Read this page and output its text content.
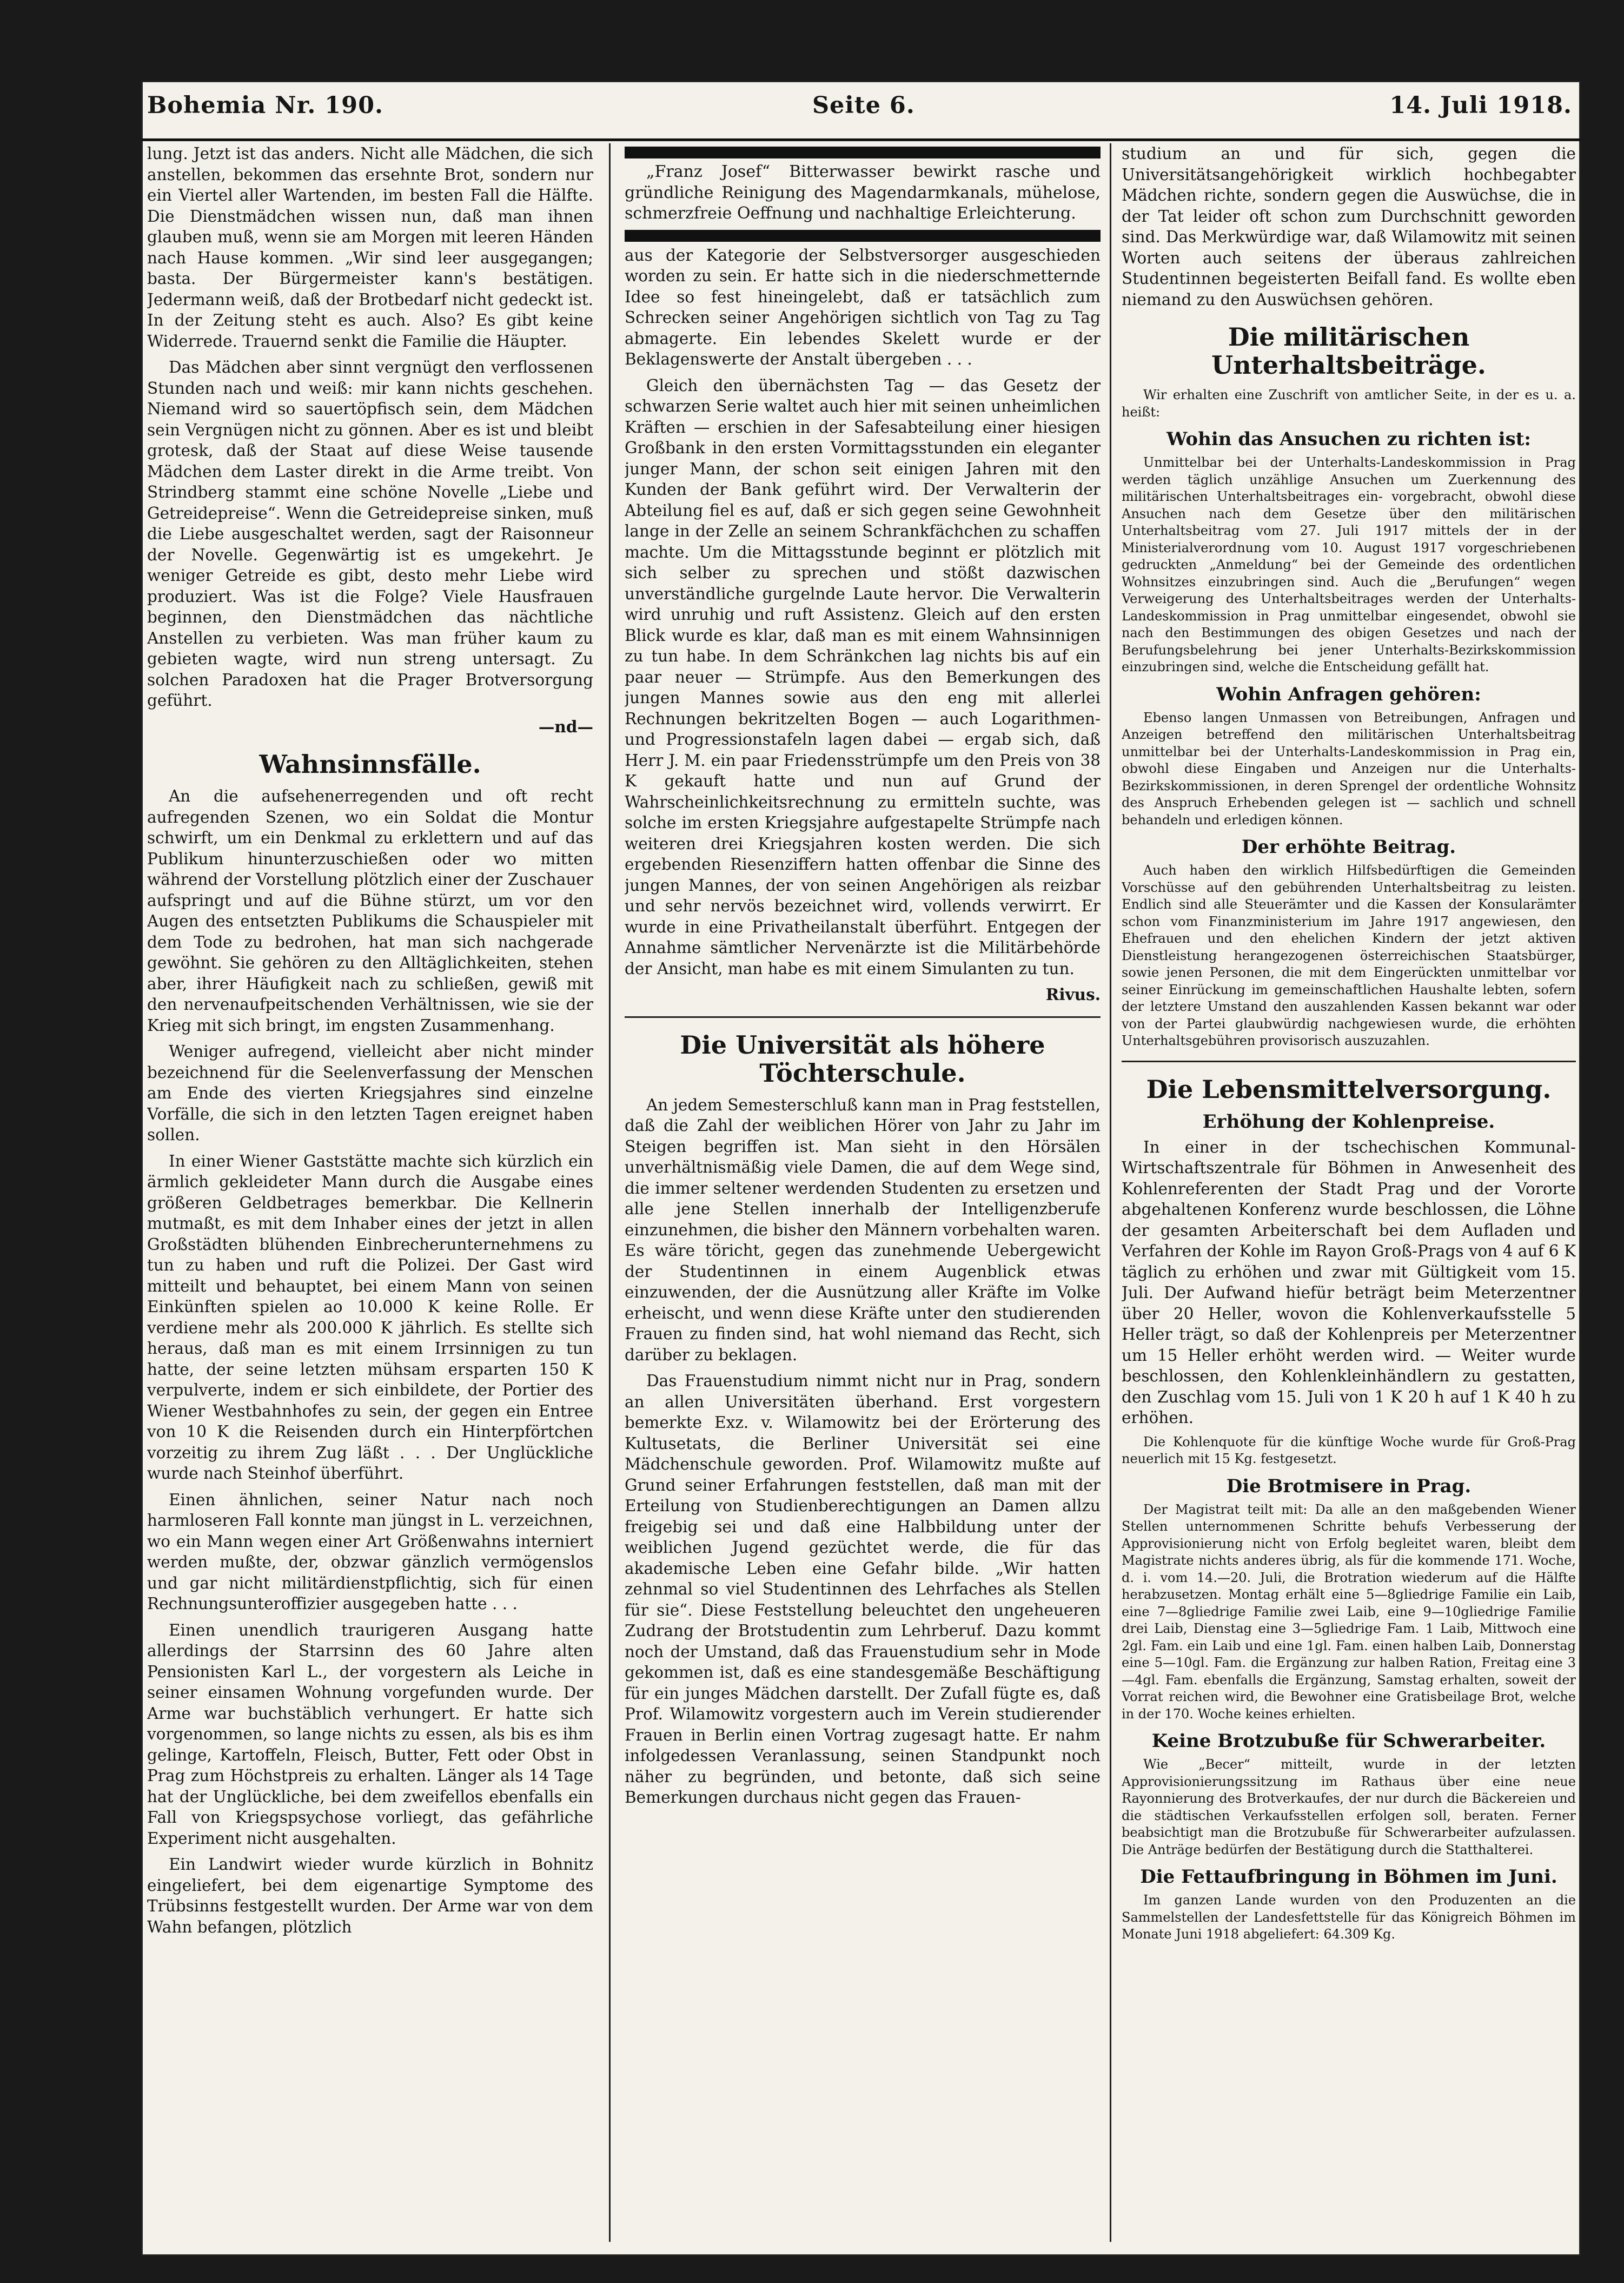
Bohemia Nr. 190.	Seite 6.	14. Juli 1918.

lung. Jetzt ist das anders. Nicht alle Mädchen, die sich anstellen, bekommen das ersehnte Brot, sondern nur ein Viertel aller Wartenden, im besten Fall die Hälfte. Die Dienstmädchen wissen nun, daß man ihnen glauben muß, wenn sie am Morgen mit leeren Händen nach Hause kommen. „Wir sind leer ausgegangen; basta. Der Bürgermeister kann's bestätigen. Jedermann weiß, daß der Brotbedarf nicht gedeckt ist. In der Zeitung steht es auch. Also? Es gibt keine Widerrede. Trauernd senkt die Familie die Häupter.

Das Mädchen aber sinnt vergnügt den verflossenen Stunden nach und weiß: mir kann nichts geschehen. Niemand wird so sauertöpfisch sein, dem Mädchen sein Vergnügen nicht zu gönnen. Aber es ist und bleibt grotesk, daß der Staat auf diese Weise tausende Mädchen dem Laster direkt in die Arme treibt. Von Strindberg stammt eine schöne Novelle „Liebe und Getreidepreise“. Wenn die Getreidepreise sinken, muß die Liebe ausgeschaltet werden, sagt der Raisonneur der Novelle. Gegenwärtig ist es umgekehrt. Je weniger Getreide es gibt, desto mehr Liebe wird produziert. Was ist die Folge? Viele Hausfrauen beginnen, den Dienstmädchen das nächtliche Anstellen zu verbieten. Was man früher kaum zu gebieten wagte, wird nun streng untersagt. Zu solchen Paradoxen hat die Prager Brotversorgung geführt.

—nd—

Wahnsinnsfälle.

An die aufsehenerregenden und oft recht aufregenden Szenen, wo ein Soldat die Montur schwirft, um ein Denkmal zu erklettern und auf das Publikum hinunterzuschießen oder wo mitten während der Vorstellung plötzlich einer der Zuschauer aufspringt und auf die Bühne stürzt, um vor den Augen des entsetzten Publikums die Schauspieler mit dem Tode zu bedrohen, hat man sich nachgerade gewöhnt. Sie gehören zu den Alltäglichkeiten, stehen aber, ihrer Häufigkeit nach zu schließen, gewiß mit den nervenaufpeitschenden Verhältnissen, wie sie der Krieg mit sich bringt, im engsten Zusammenhang.

Weniger aufregend, vielleicht aber nicht minder bezeichnend für die Seelenverfassung der Menschen am Ende des vierten Kriegsjahres sind einzelne Vorfälle, die sich in den letzten Tagen ereignet haben sollen.

In einer Wiener Gaststätte machte sich kürzlich ein ärmlich gekleideter Mann durch die Ausgabe eines größeren Geldbetrages bemerkbar. Die Kellnerin mutmaßt, es mit dem Inhaber eines der jetzt in allen Großstädten blühenden Einbrecherunternehmens zu tun zu haben und ruft die Polizei. Der Gast wird mitteilt und behauptet, bei einem Mann von seinen Einkünften spielen ao 10.000 K keine Rolle. Er verdiene mehr als 200.000 K jährlich. Es stellte sich heraus, daß man es mit einem Irrsinnigen zu tun hatte, der seine letzten mühsam ersparten 150 K verpulverte, indem er sich einbildete, der Portier des Wiener Westbahnhofes zu sein, der gegen ein Entree von 10 K die Reisenden durch ein Hinterpförtchen vorzeitig zu ihrem Zug läßt . . . Der Unglückliche wurde nach Steinhof überführt.

Einen ähnlichen, seiner Natur nach noch harmloseren Fall konnte man jüngst in L. verzeichnen, wo ein Mann wegen einer Art Größenwahns interniert werden mußte, der, obzwar gänzlich vermögenslos und gar nicht militärdienstpflichtig, sich für einen Rechnungsunteroffizier ausgegeben hatte . . .

Einen unendlich traurigeren Ausgang hatte allerdings der Starrsinn des 60 Jahre alten Pensionisten Karl L., der vorgestern als Leiche in seiner einsamen Wohnung vorgefunden wurde. Der Arme war buchstäblich verhungert. Er hatte sich vorgenommen, so lange nichts zu essen, als bis es ihm gelinge, Kartoffeln, Fleisch, Butter, Fett oder Obst in Prag zum Höchstpreis zu erhalten. Länger als 14 Tage hat der Unglückliche, bei dem zweifellos ebenfalls ein Fall von Kriegspsychose vorliegt, das gefährliche Experiment nicht ausgehalten.

Ein Landwirt wieder wurde kürzlich in Bohnitz eingeliefert, bei dem eigenartige Symptome des Trübsinns festgestellt wurden. Der Arme war von dem Wahn befangen, plötzlich

„Franz Josef“ Bitterwasser bewirkt rasche und gründliche Reinigung des Magendarmkanals, mühelose, schmerzfreie Oeffnung und nachhaltige Erleichterung.

aus der Kategorie der Selbstversorger ausgeschieden worden zu sein. Er hatte sich in die niederschmetternde Idee so fest hineingelebt, daß er tatsächlich zum Schrecken seiner Angehörigen sichtlich von Tag zu Tag abmagerte. Ein lebendes Skelett wurde er der Beklagenswerte der Anstalt übergeben . . .

Gleich den übernächsten Tag — das Gesetz der schwarzen Serie waltet auch hier mit seinen unheimlichen Kräften — erschien in der Safesabteilung einer hiesigen Großbank in den ersten Vormittagsstunden ein eleganter junger Mann, der schon seit einigen Jahren mit den Kunden der Bank geführt wird. Der Verwalterin der Abteilung fiel es auf, daß er sich gegen seine Gewohnheit lange in der Zelle an seinem Schrankfächchen zu schaffen machte. Um die Mittagsstunde beginnt er plötzlich mit sich selber zu sprechen und stößt dazwischen unverständliche gurgelnde Laute hervor. Die Verwalterin wird unruhig und ruft Assistenz. Gleich auf den ersten Blick wurde es klar, daß man es mit einem Wahnsinnigen zu tun habe. In dem Schränkchen lag nichts bis auf ein paar neuer — Strümpfe. Aus den Bemerkungen des jungen Mannes sowie aus den eng mit allerlei Rechnungen bekritzelten Bogen — auch Logarithmen- und Progressionstafeln lagen dabei — ergab sich, daß Herr J. M. ein paar Friedensstrümpfe um den Preis von 38 K gekauft hatte und nun auf Grund der Wahrscheinlichkeitsrechnung zu ermitteln suchte, was solche im ersten Kriegsjahre aufgestapelte Strümpfe nach weiteren drei Kriegsjahren kosten werden. Die sich ergebenden Riesenziffern hatten offenbar die Sinne des jungen Mannes, der von seinen Angehörigen als reizbar und sehr nervös bezeichnet wird, vollends verwirrt. Er wurde in eine Privatheilanstalt überführt. Entgegen der Annahme sämtlicher Nervenärzte ist die Militärbehörde der Ansicht, man habe es mit einem Simulanten zu tun.

Rivus.

Die Universität als höhere Töchterschule.

An jedem Semesterschluß kann man in Prag feststellen, daß die Zahl der weiblichen Hörer von Jahr zu Jahr im Steigen begriffen ist. Man sieht in den Hörsälen unverhältnismäßig viele Damen, die auf dem Wege sind, die immer seltener werdenden Studenten zu ersetzen und alle jene Stellen innerhalb der Intelligenzberufe einzunehmen, die bisher den Männern vorbehalten waren. Es wäre töricht, gegen das zunehmende Uebergewicht der Studentinnen in einem Augenblick etwas einzuwenden, der die Ausnützung aller Kräfte im Volke erheischt, und wenn diese Kräfte unter den studierenden Frauen zu finden sind, hat wohl niemand das Recht, sich darüber zu beklagen.

Das Frauenstudium nimmt nicht nur in Prag, sondern an allen Universitäten überhand. Erst vorgestern bemerkte Exz. v. Wilamowitz bei der Erörterung des Kultusetats, die Berliner Universität sei eine Mädchenschule geworden. Prof. Wilamowitz mußte auf Grund seiner Erfahrungen feststellen, daß man mit der Erteilung von Studienberechtigungen an Damen allzu freigebig sei und daß eine Halbbildung unter der weiblichen Jugend gezüchtet werde, die für das akademische Leben eine Gefahr bilde. „Wir hatten zehnmal so viel Studentinnen des Lehrfaches als Stellen für sie“. Diese Feststellung beleuchtet den ungeheueren Zudrang der Brotstudentin zum Lehrberuf. Dazu kommt noch der Umstand, daß das Frauenstudium sehr in Mode gekommen ist, daß es eine standesgemäße Beschäftigung für ein junges Mädchen darstellt. Der Zufall fügte es, daß Prof. Wilamowitz vorgestern auch im Verein studierender Frauen in Berlin einen Vortrag zugesagt hatte. Er nahm infolgedessen Veranlassung, seinen Standpunkt noch näher zu begründen, und betonte, daß sich seine Bemerkungen durchaus nicht gegen das Frauen-

studium an und für sich, gegen die Universitätsangehörigkeit wirklich hochbegabter Mädchen richte, sondern gegen die Auswüchse, die in der Tat leider oft schon zum Durchschnitt geworden sind. Das Merkwürdige war, daß Wilamowitz mit seinen Worten auch seitens der überaus zahlreichen Studentinnen begeisterten Beifall fand. Es wollte eben niemand zu den Auswüchsen gehören.

Die militärischen Unterhaltsbeiträge.

Wir erhalten eine Zuschrift von amtlicher Seite, in der es u. a. heißt:

Wohin das Ansuchen zu richten ist:

Unmittelbar bei der Unterhalts-Landeskommission in Prag werden täglich unzählige Ansuchen um Zuerkennung des militärischen Unterhaltsbeitrages ein- vorgebracht, obwohl diese Ansuchen nach dem Gesetze über den militärischen Unterhaltsbeitrag vom 27. Juli 1917 mittels der in der Ministerialverordnung vom 10. August 1917 vorgeschriebenen gedruckten „Anmeldung“ bei der Gemeinde des ordentlichen Wohnsitzes einzubringen sind. Auch die „Berufungen“ wegen Verweigerung des Unterhaltsbeitrages werden der Unterhalts-Landeskommission in Prag unmittelbar eingesendet, obwohl sie nach den Bestimmungen des obigen Gesetzes und nach der Berufungsbelehrung bei jener Unterhalts-Bezirkskommission einzubringen sind, welche die Entscheidung gefällt hat.

Wohin Anfragen gehören:

Ebenso langen Unmassen von Betreibungen, Anfragen und Anzeigen betreffend den militärischen Unterhaltsbeitrag unmittelbar bei der Unterhalts-Landeskommission in Prag ein, obwohl diese Eingaben und Anzeigen nur die Unterhalts-Bezirkskommissionen, in deren Sprengel der ordentliche Wohnsitz des Anspruch Erhebenden gelegen ist — sachlich und schnell behandeln und erledigen können.

Der erhöhte Beitrag.

Auch haben den wirklich Hilfsbedürftigen die Gemeinden Vorschüsse auf den gebührenden Unterhaltsbeitrag zu leisten. Endlich sind alle Steuerämter und die Kassen der Konsularämter schon vom Finanzministerium im Jahre 1917 angewiesen, den Ehefrauen und den ehelichen Kindern der jetzt aktiven Dienstleistung herangezogenen österreichischen Staatsbürger, sowie jenen Personen, die mit dem Eingerückten unmittelbar vor seiner Einrückung im gemeinschaftlichen Haushalte lebten, sofern der letztere Umstand den auszahlenden Kassen bekannt war oder von der Partei glaubwürdig nachgewiesen wurde, die erhöhten Unterhaltsgebühren provisorisch auszuzahlen.

Die Lebensmittelversorgung.
Erhöhung der Kohlenpreise.

In einer in der tschechischen Kommunal-Wirtschaftszentrale für Böhmen in Anwesenheit des Kohlenreferenten der Stadt Prag und der Vororte abgehaltenen Konferenz wurde beschlossen, die Löhne der gesamten Arbeiterschaft bei dem Aufladen und Verfahren der Kohle im Rayon Groß-Prags von 4 auf 6 K täglich zu erhöhen und zwar mit Gültigkeit vom 15. Juli. Der Aufwand hiefür beträgt beim Meterzentner über 20 Heller, wovon die Kohlenverkaufsstelle 5 Heller trägt, so daß der Kohlenpreis per Meterzentner um 15 Heller erhöht werden wird. — Weiter wurde beschlossen, den Kohlenkleinhändlern zu gestatten, den Zuschlag vom 15. Juli von 1 K 20 h auf 1 K 40 h zu erhöhen.

Die Kohlenquote für die künftige Woche wurde für Groß-Prag neuerlich mit 15 Kg. festgesetzt.

Die Brotmisere in Prag.

Der Magistrat teilt mit: Da alle an den maßgebenden Wiener Stellen unternommenen Schritte behufs Verbesserung der Approvisionierung nicht von Erfolg begleitet waren, bleibt dem Magistrate nichts anderes übrig, als für die kommende 171. Woche, d. i. vom 14.—20. Juli, die Brotration wiederum auf die Hälfte herabzusetzen. Montag erhält eine 5—8gliedrige Familie ein Laib, eine 7—8gliedrige Familie zwei Laib, eine 9—10gliedrige Familie drei Laib, Dienstag eine 3—5gliedrige Fam. 1 Laib, Mittwoch eine 2gl. Fam. ein Laib und eine 1gl. Fam. einen halben Laib, Donnerstag eine 5—10gl. Fam. die Ergänzung zur halben Ration, Freitag eine 3—4gl. Fam. ebenfalls die Ergänzung, Samstag erhalten, soweit der Vorrat reichen wird, die Bewohner eine Gratisbeilage Brot, welche in der 170. Woche keines erhielten.

Keine Brotzubuße für Schwerarbeiter.

Wie „Becer“ mitteilt, wurde in der letzten Approvisionierungssitzung im Rathaus über eine neue Rayonnierung des Brotverkaufes, der nur durch die Bäckereien und die städtischen Verkaufsstellen erfolgen soll, beraten. Ferner beabsichtigt man die Brotzubuße für Schwerarbeiter aufzulassen. Die Anträge bedürfen der Bestätigung durch die Statthalterei.

Die Fettaufbringung in Böhmen im Juni.

Im ganzen Lande wurden von den Produzenten an die Sammelstellen der Landesfettstelle für das Königreich Böhmen im Monate Juni 1918 abgeliefert: 64.309 Kg.
